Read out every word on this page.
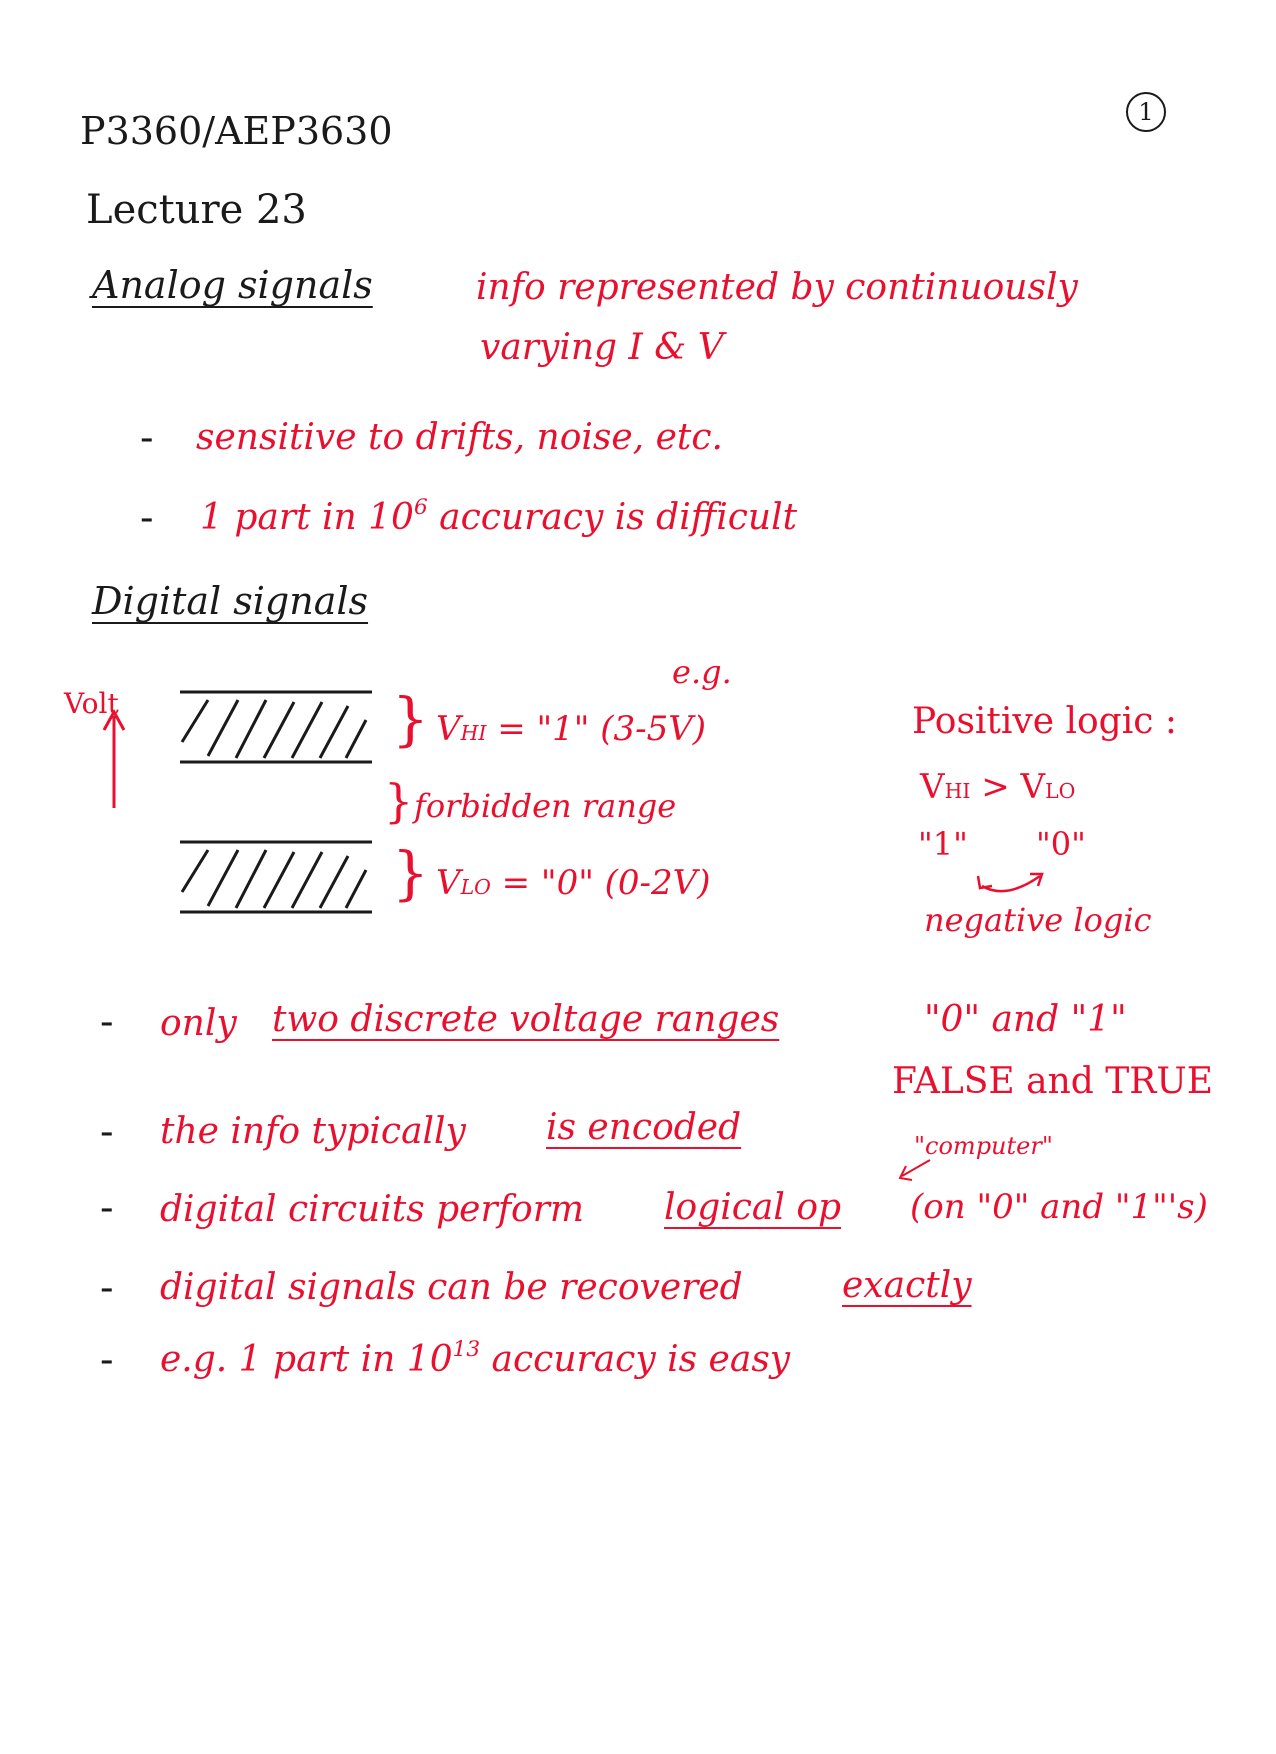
P3360/AEP3630
Lecture 23
1
Analog signals	info represented by continuously
varying I & V
- sensitive to drifts, noise, etc.
- 1 part in $10^6$ accuracy is difficult
Digital signals
Volt	}
e.g.
VHI = "1" (3-5V)
} forbidden range
} VLO = "0" (0-2V)
Positive logic :
VHI > VLO
"1" "0"
negative logic
- only two discrete voltage ranges	"0" and "1"
FALSE and TRUE
- the info typically is encoded	"computer"
- digital circuits perform logical op (on "0" and "1"'s)
- digital signals can be recovered	exactly
- e.g. 1 part in $10^{13}$ accuracy is easy
